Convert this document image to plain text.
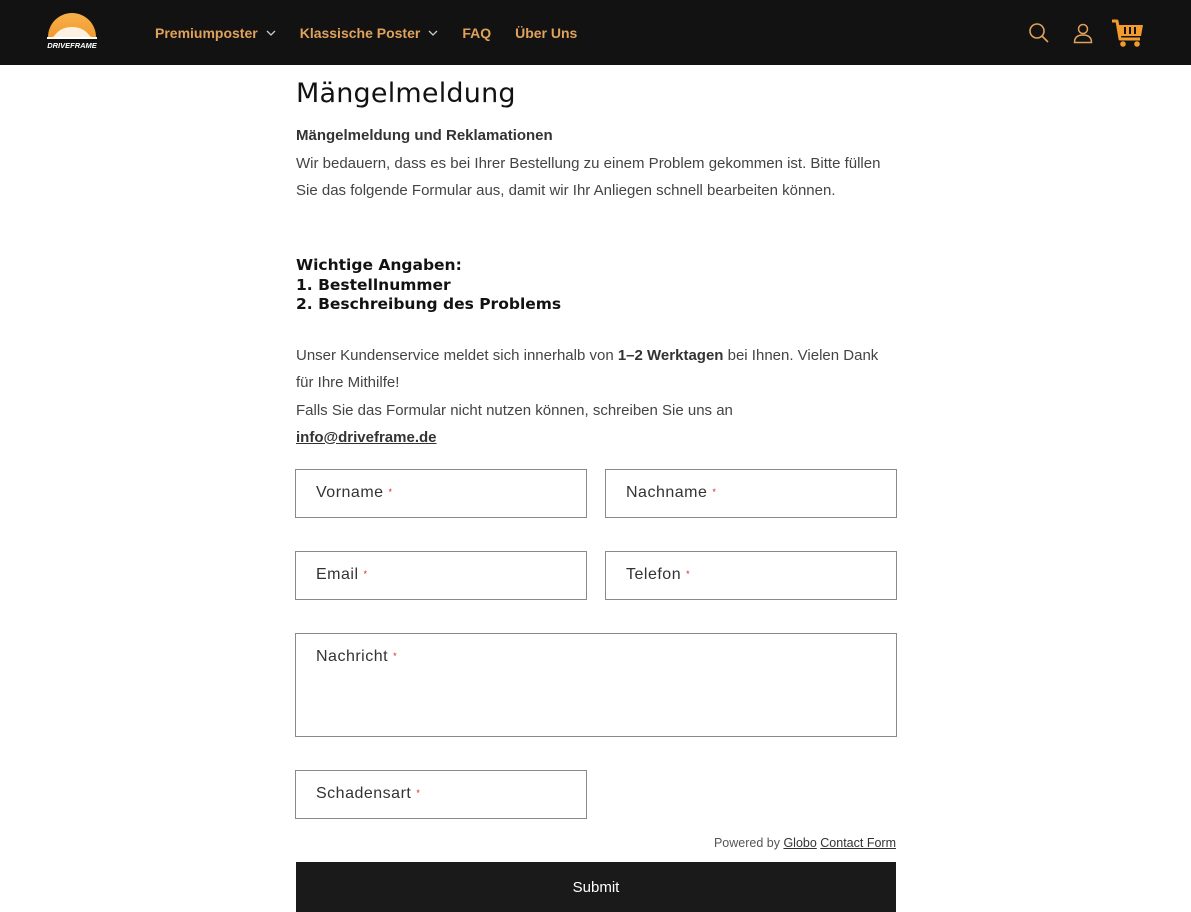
DRIVEFRAME
Premiumposter	Klassische Poster	FAQ Über Uns
Mängelmeldung
Mängelmeldung und Reklamationen
Wir bedauern, dass es bei Ihrer Bestellung zu einem Problem gekommen ist. Bitte füllen Sie das folgende Formular aus, damit wir Ihr Anliegen schnell bearbeiten können.
Wichtige Angaben:
1. Bestellnummer
2. Beschreibung des Problems
Unser Kundenservice meldet sich innerhalb von 1–2 Werktagen bei Ihnen. Vielen Dank für Ihre Mithilfe!
Falls Sie das Formular nicht nutzen können, schreiben Sie uns an
info@driveframe.de
Vorname *	Nachname *
Email *	Telefon *
Nachricht *
Schadensart *
Powered by Globo Contact Form
Submit
